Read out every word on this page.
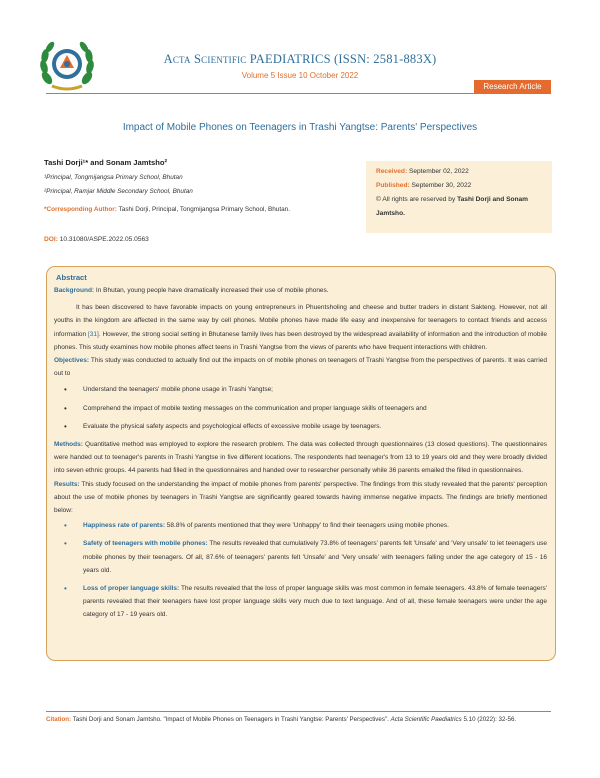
Acta Scientific PAEDIATRICS (ISSN: 2581-883X)
Volume 5 Issue 10 October 2022
Research Article
Impact of Mobile Phones on Teenagers in Trashi Yangtse: Parents' Perspectives
Tashi Dorji¹* and Sonam Jamtsho²
¹Principal, Tongmijangsa Primary School, Bhutan
²Principal, Ramjar Middle Secondary School, Bhutan
*Corresponding Author: Tashi Dorji, Principal, Tongmijangsa Primary School, Bhutan.
DOI: 10.31080/ASPE.2022.05.0563
Received: September 02, 2022
Published: September 30, 2022
© All rights are reserved by Tashi Dorji and Sonam Jamtsho.
Abstract

Background: In Bhutan, young people have dramatically increased their use of mobile phones.

It has been discovered to have favorable impacts on young entrepreneurs in Phuentsholing and cheese and butter traders in distant Sakteng. However, not all youths in the kingdom are affected in the same way by cell phones. Mobile phones have made life easy and inexpensive for teenagers to contact friends and access information [31]. However, the strong social setting in Bhutanese family lives has been destroyed by the widespread availability of information and the introduction of mobile phones. This study examines how mobile phones affect teens in Trashi Yangtse from the views of parents who have frequent interactions with children.

Objectives: This study was conducted to actually find out the impacts on of mobile phones on teenagers of Trashi Yangtse from the perspectives of parents. It was carried out to

• Understand the teenagers' mobile phone usage in Trashi Yangtse;
• Comprehend the impact of mobile texting messages on the communication and proper language skills of teenagers and
• Evaluate the physical safety aspects and psychological effects of excessive mobile usage by teenagers.

Methods: Quantitative method was employed to explore the research problem. The data was collected through questionnaires (13 closed questions). The questionnaires were handed out to teenager's parents in Trashi Yangtse in five different locations. The respondents had teenager's from 13 to 19 years old and they were broadly divided into seven ethnic groups. 44 parents had filled in the questionnaires and handed over to researcher personally while 36 parents emailed the filled in questionnaires.

Results: This study focused on the understanding the impact of mobile phones from parents' perspective. The findings from this study revealed that the parents' perception about the use of mobile phones by teenagers in Trashi Yangtse are significantly geared towards having immense negative impacts. The findings are briefly mentioned below:

• Happiness rate of parents: 58.8% of parents mentioned that they were 'Unhappy' to find their teenagers using mobile phones.
• Safety of teenagers with mobile phones: The results revealed that cumulatively 73.8% of teenagers' parents felt 'Unsafe' and 'Very unsafe' to let teenagers use mobile phones by their teenagers. Of all, 87.6% of teenagers' parents felt 'Unsafe' and 'Very unsafe' with teenagers falling under the age category of 15 - 16 years old.
• Loss of proper language skills: The results revealed that the loss of proper language skills was most common in female teenagers. 43.8% of female teenagers' parents revealed that their teenagers have lost proper language skills very much due to text language. And of all, these female teenagers were under the age category of 17 - 19 years old.
Citation: Tashi Dorji and Sonam Jamtsho. "Impact of Mobile Phones on Teenagers in Trashi Yangtse: Parents' Perspectives". Acta Scientific Paediatrics 5.10 (2022): 32-56.
